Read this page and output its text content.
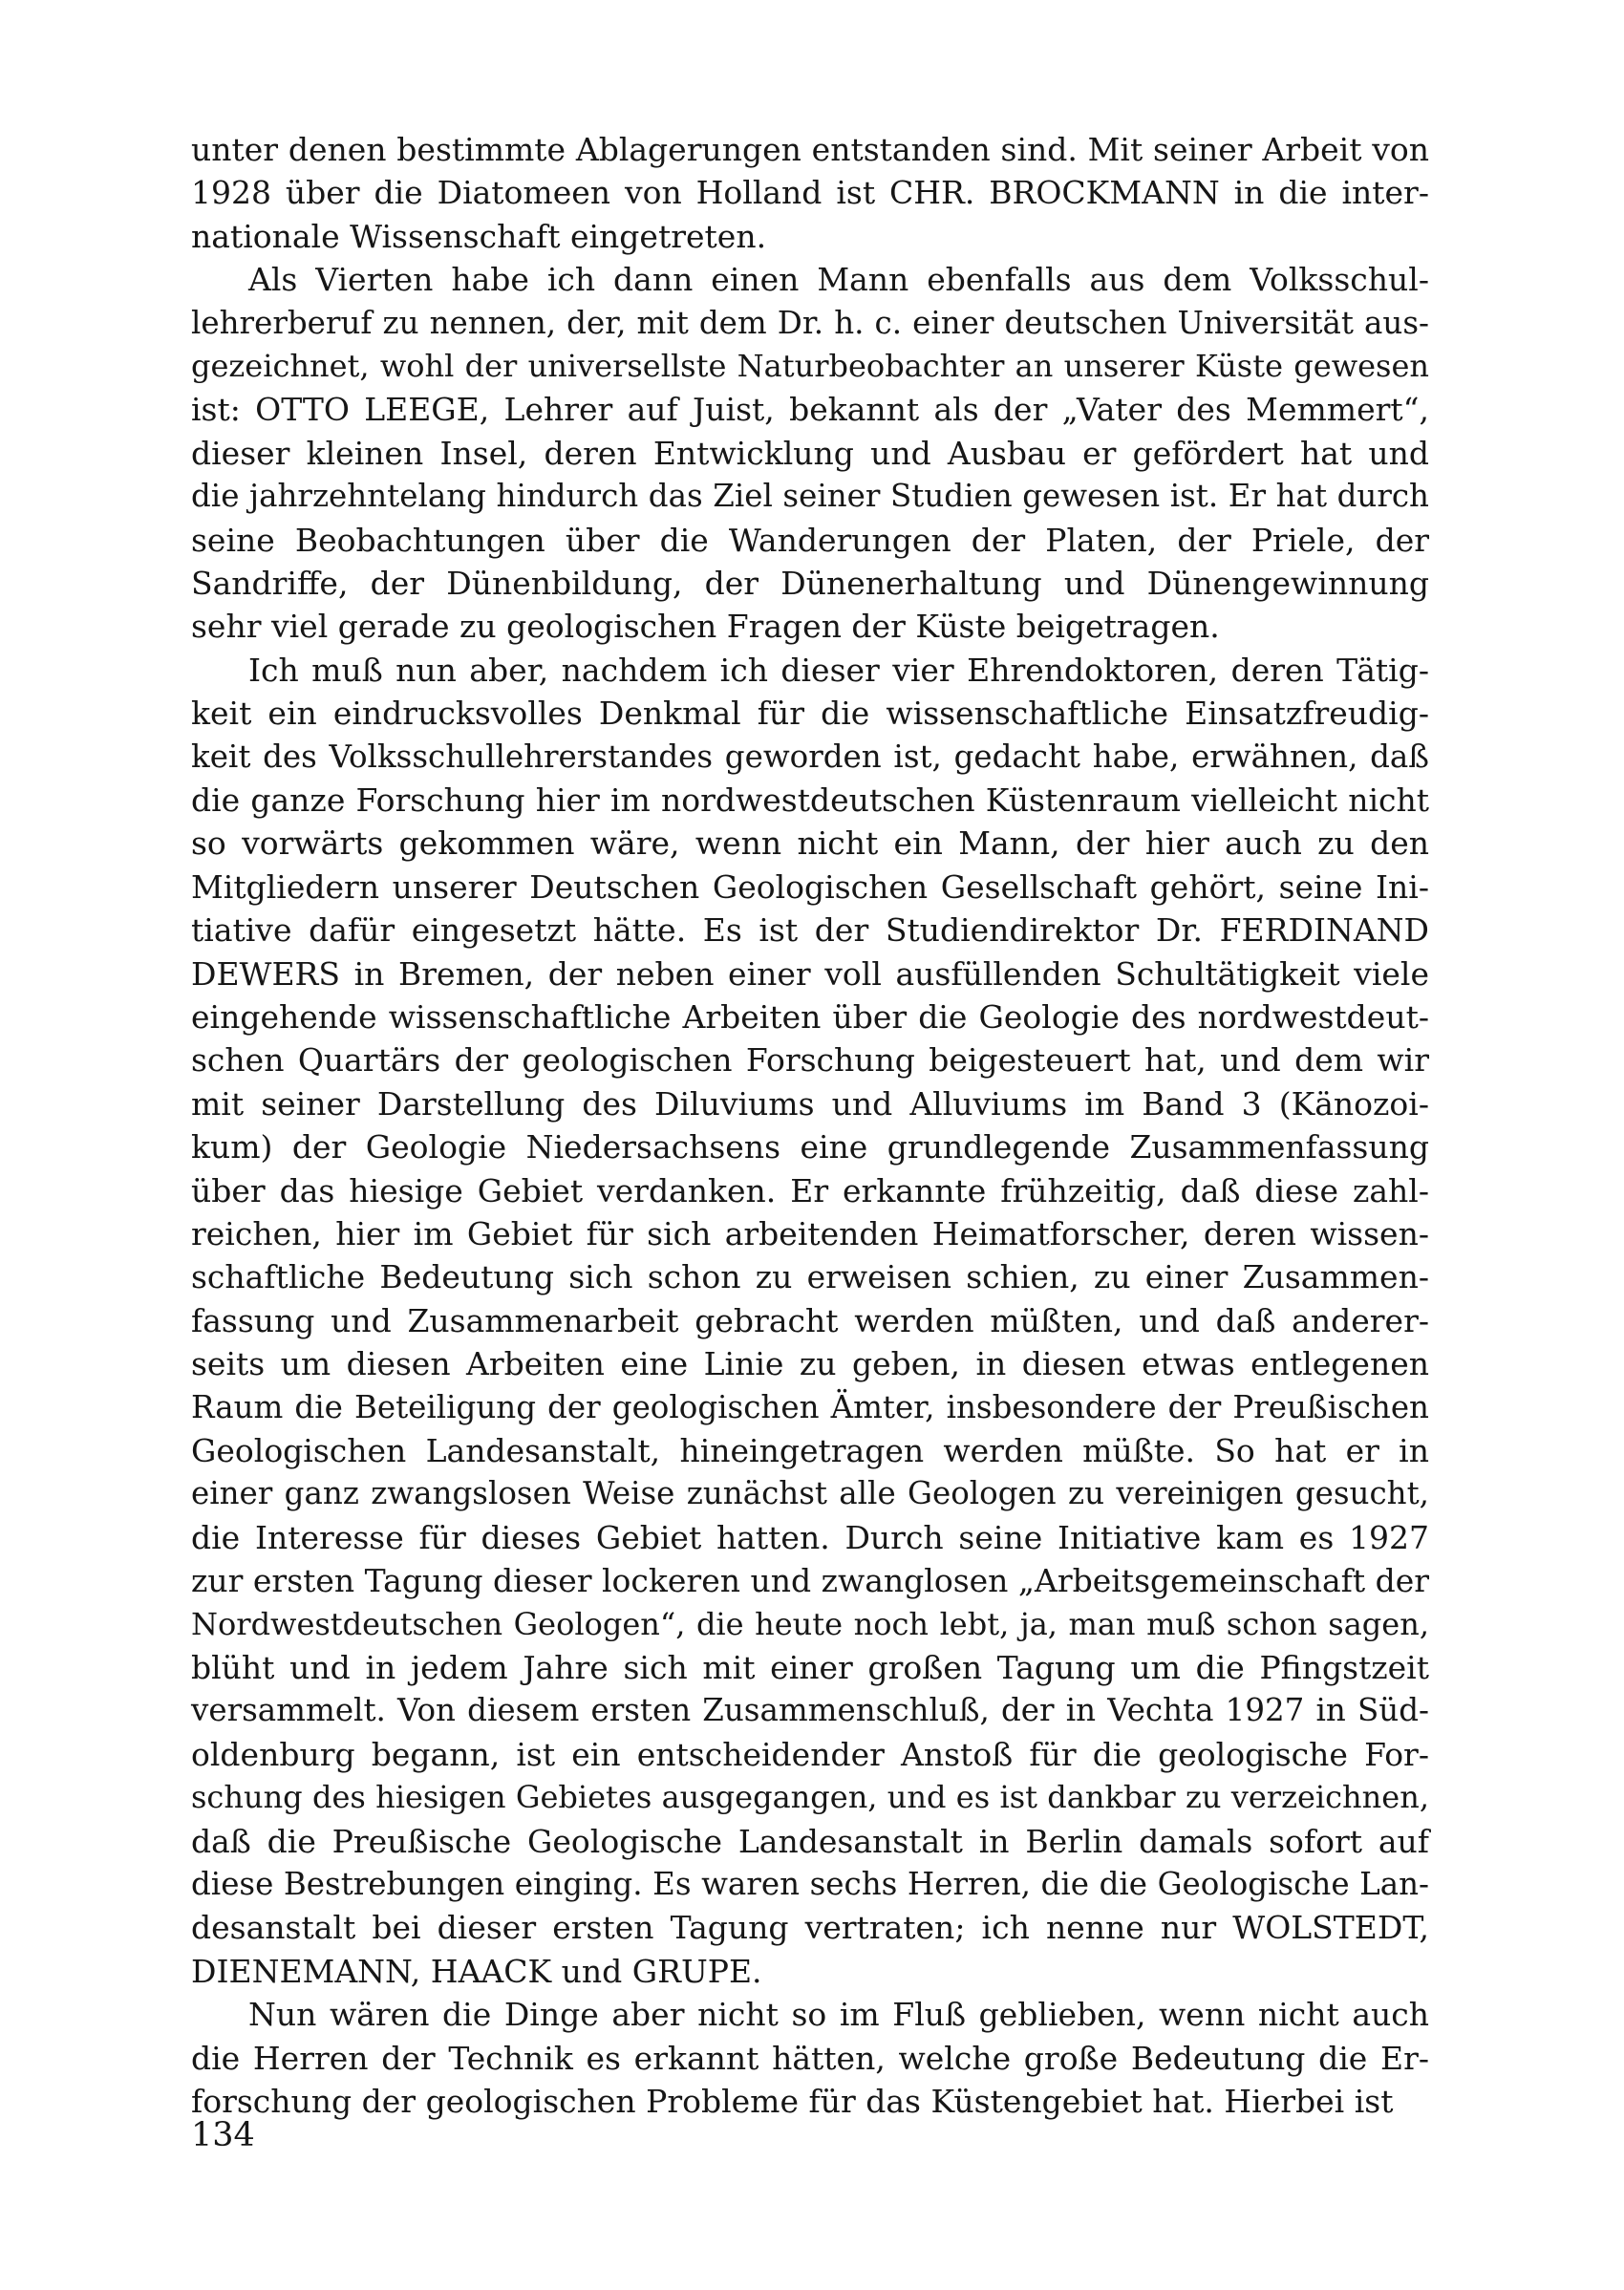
unter denen bestimmte Ablagerungen entstanden sind. Mit seiner Arbeit von
1928 über die Diatomeen von Holland ist CHR. BROCKMANN in die inter-
nationale Wissenschaft eingetreten.
Als Vierten habe ich dann einen Mann ebenfalls aus dem Volksschul-
lehrerberuf zu nennen, der, mit dem Dr. h. c. einer deutschen Universität aus-
gezeichnet, wohl der universellste Naturbeobachter an unserer Küste gewesen
ist: OTTO LEEGE, Lehrer auf Juist, bekannt als der „Vater des Memmert“,
dieser kleinen Insel, deren Entwicklung und Ausbau er gefördert hat und
die jahrzehntelang hindurch das Ziel seiner Studien gewesen ist. Er hat durch
seine Beobachtungen über die Wanderungen der Platen, der Priele, der
Sandriffe, der Dünenbildung, der Dünenerhaltung und Dünengewinnung
sehr viel gerade zu geologischen Fragen der Küste beigetragen.
Ich muß nun aber, nachdem ich dieser vier Ehrendoktoren, deren Tätig-
keit ein eindrucksvolles Denkmal für die wissenschaftliche Einsatzfreudig-
keit des Volksschullehrerstandes geworden ist, gedacht habe, erwähnen, daß
die ganze Forschung hier im nordwestdeutschen Küstenraum vielleicht nicht
so vorwärts gekommen wäre, wenn nicht ein Mann, der hier auch zu den
Mitgliedern unserer Deutschen Geologischen Gesellschaft gehört, seine Ini-
tiative dafür eingesetzt hätte. Es ist der Studiendirektor Dr. FERDINAND
DEWERS in Bremen, der neben einer voll ausfüllenden Schultätigkeit viele
eingehende wissenschaftliche Arbeiten über die Geologie des nordwestdeut-
schen Quartärs der geologischen Forschung beigesteuert hat, und dem wir
mit seiner Darstellung des Diluviums und Alluviums im Band 3 (Känozoi-
kum) der Geologie Niedersachsens eine grundlegende Zusammenfassung
über das hiesige Gebiet verdanken. Er erkannte frühzeitig, daß diese zahl-
reichen, hier im Gebiet für sich arbeitenden Heimatforscher, deren wissen-
schaftliche Bedeutung sich schon zu erweisen schien, zu einer Zusammen-
fassung und Zusammenarbeit gebracht werden müßten, und daß anderer-
seits um diesen Arbeiten eine Linie zu geben, in diesen etwas entlegenen
Raum die Beteiligung der geologischen Ämter, insbesondere der Preußischen
Geologischen Landesanstalt, hineingetragen werden müßte. So hat er in
einer ganz zwangslosen Weise zunächst alle Geologen zu vereinigen gesucht,
die Interesse für dieses Gebiet hatten. Durch seine Initiative kam es 1927
zur ersten Tagung dieser lockeren und zwanglosen „Arbeitsgemeinschaft der
Nordwestdeutschen Geologen“, die heute noch lebt, ja, man muß schon sagen,
blüht und in jedem Jahre sich mit einer großen Tagung um die Pfingstzeit
versammelt. Von diesem ersten Zusammenschluß, der in Vechta 1927 in Süd-
oldenburg begann, ist ein entscheidender Anstoß für die geologische For-
schung des hiesigen Gebietes ausgegangen, und es ist dankbar zu verzeichnen,
daß die Preußische Geologische Landesanstalt in Berlin damals sofort auf
diese Bestrebungen einging. Es waren sechs Herren, die die Geologische Lan-
desanstalt bei dieser ersten Tagung vertraten; ich nenne nur WOLSTEDT,
DIENEMANN, HAACK und GRUPE.
Nun wären die Dinge aber nicht so im Fluß geblieben, wenn nicht auch
die Herren der Technik es erkannt hätten, welche große Bedeutung die Er-
forschung der geologischen Probleme für das Küstengebiet hat. Hierbei ist
134
